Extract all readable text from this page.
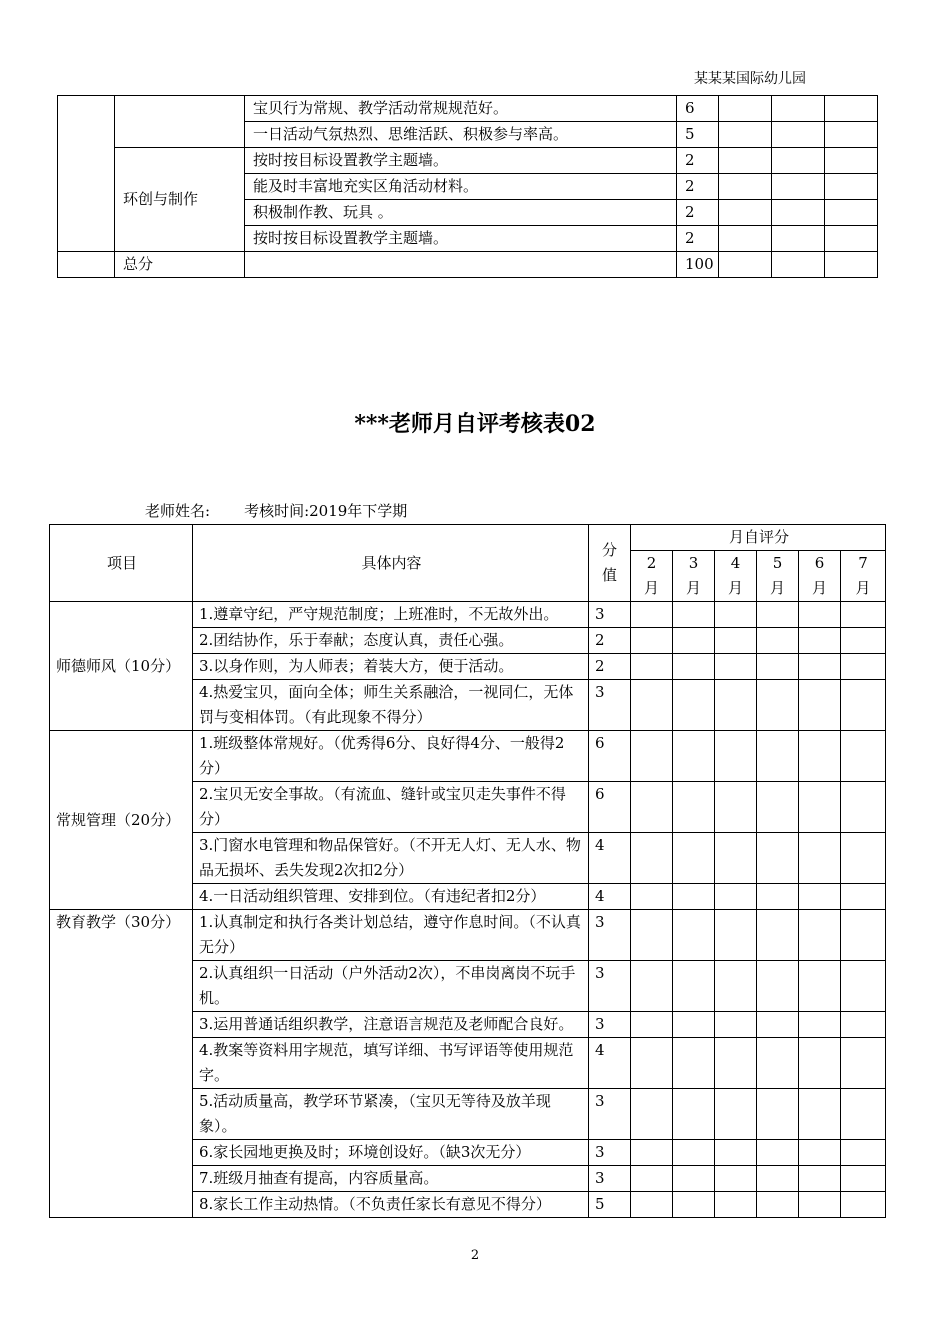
某某某国际幼儿园
		宝贝行为常规、教学活动常规规范好。	6			
		一日活动气氛热烈、思维活跃、积极参与率高。	5			
	环创与制作	按时按目标设置教学主题墙。	2			
		能及时丰富地充实区角活动材料。	2			
		积极制作教、玩具 。	2			
		按时按目标设置教学主题墙。	2			
	总分		100			
***老师月自评考核表02
老师姓名: 考核时间:2019年下学期
项目	具体内容	分值	月自评分					
			2月	3月	4月	5月	6月	7月

师德师风（10分）	1.遵章守纪，严守规范制度；上班准时，不无故外出。	3						
	2.团结协作，乐于奉献；态度认真，责任心强。	2						
	3.以身作则，为人师表；着装大方，便于活动。	2						
	4.热爱宝贝，面向全体；师生关系融洽，一视同仁，无体罚与变相体罚。（有此现象不得分）	3						
常规管理（20分）	1.班级整体常规好。（优秀得6分、良好得4分、一般得2分）	6						
	2.宝贝无安全事故。（有流血、缝针或宝贝走失事件不得分）	6						
	3.门窗水电管理和物品保管好。（不开无人灯、无人水、物品无损坏、丢失发现2次扣2分）	4						
	4.一日活动组织管理、安排到位。（有违纪者扣2分）	4						
教育教学（30分）	1.认真制定和执行各类计划总结，遵守作息时间。（不认真无分）	3						
	2.认真组织一日活动（户外活动2次），不串岗离岗不玩手机。	3						
	3.运用普通话组织教学，注意语言规范及老师配合良好。	3						
	4.教案等资料用字规范，填写详细、书写评语等使用规范字。	4						
	5.活动质量高，教学环节紧凑，（宝贝无等待及放羊现象）。	3						
	6.家长园地更换及时；环境创设好。（缺3次无分）	3						
	7.班级月抽查有提高，内容质量高。	3						
	8.家长工作主动热情。（不负责任家长有意见不得分）	5						
2
